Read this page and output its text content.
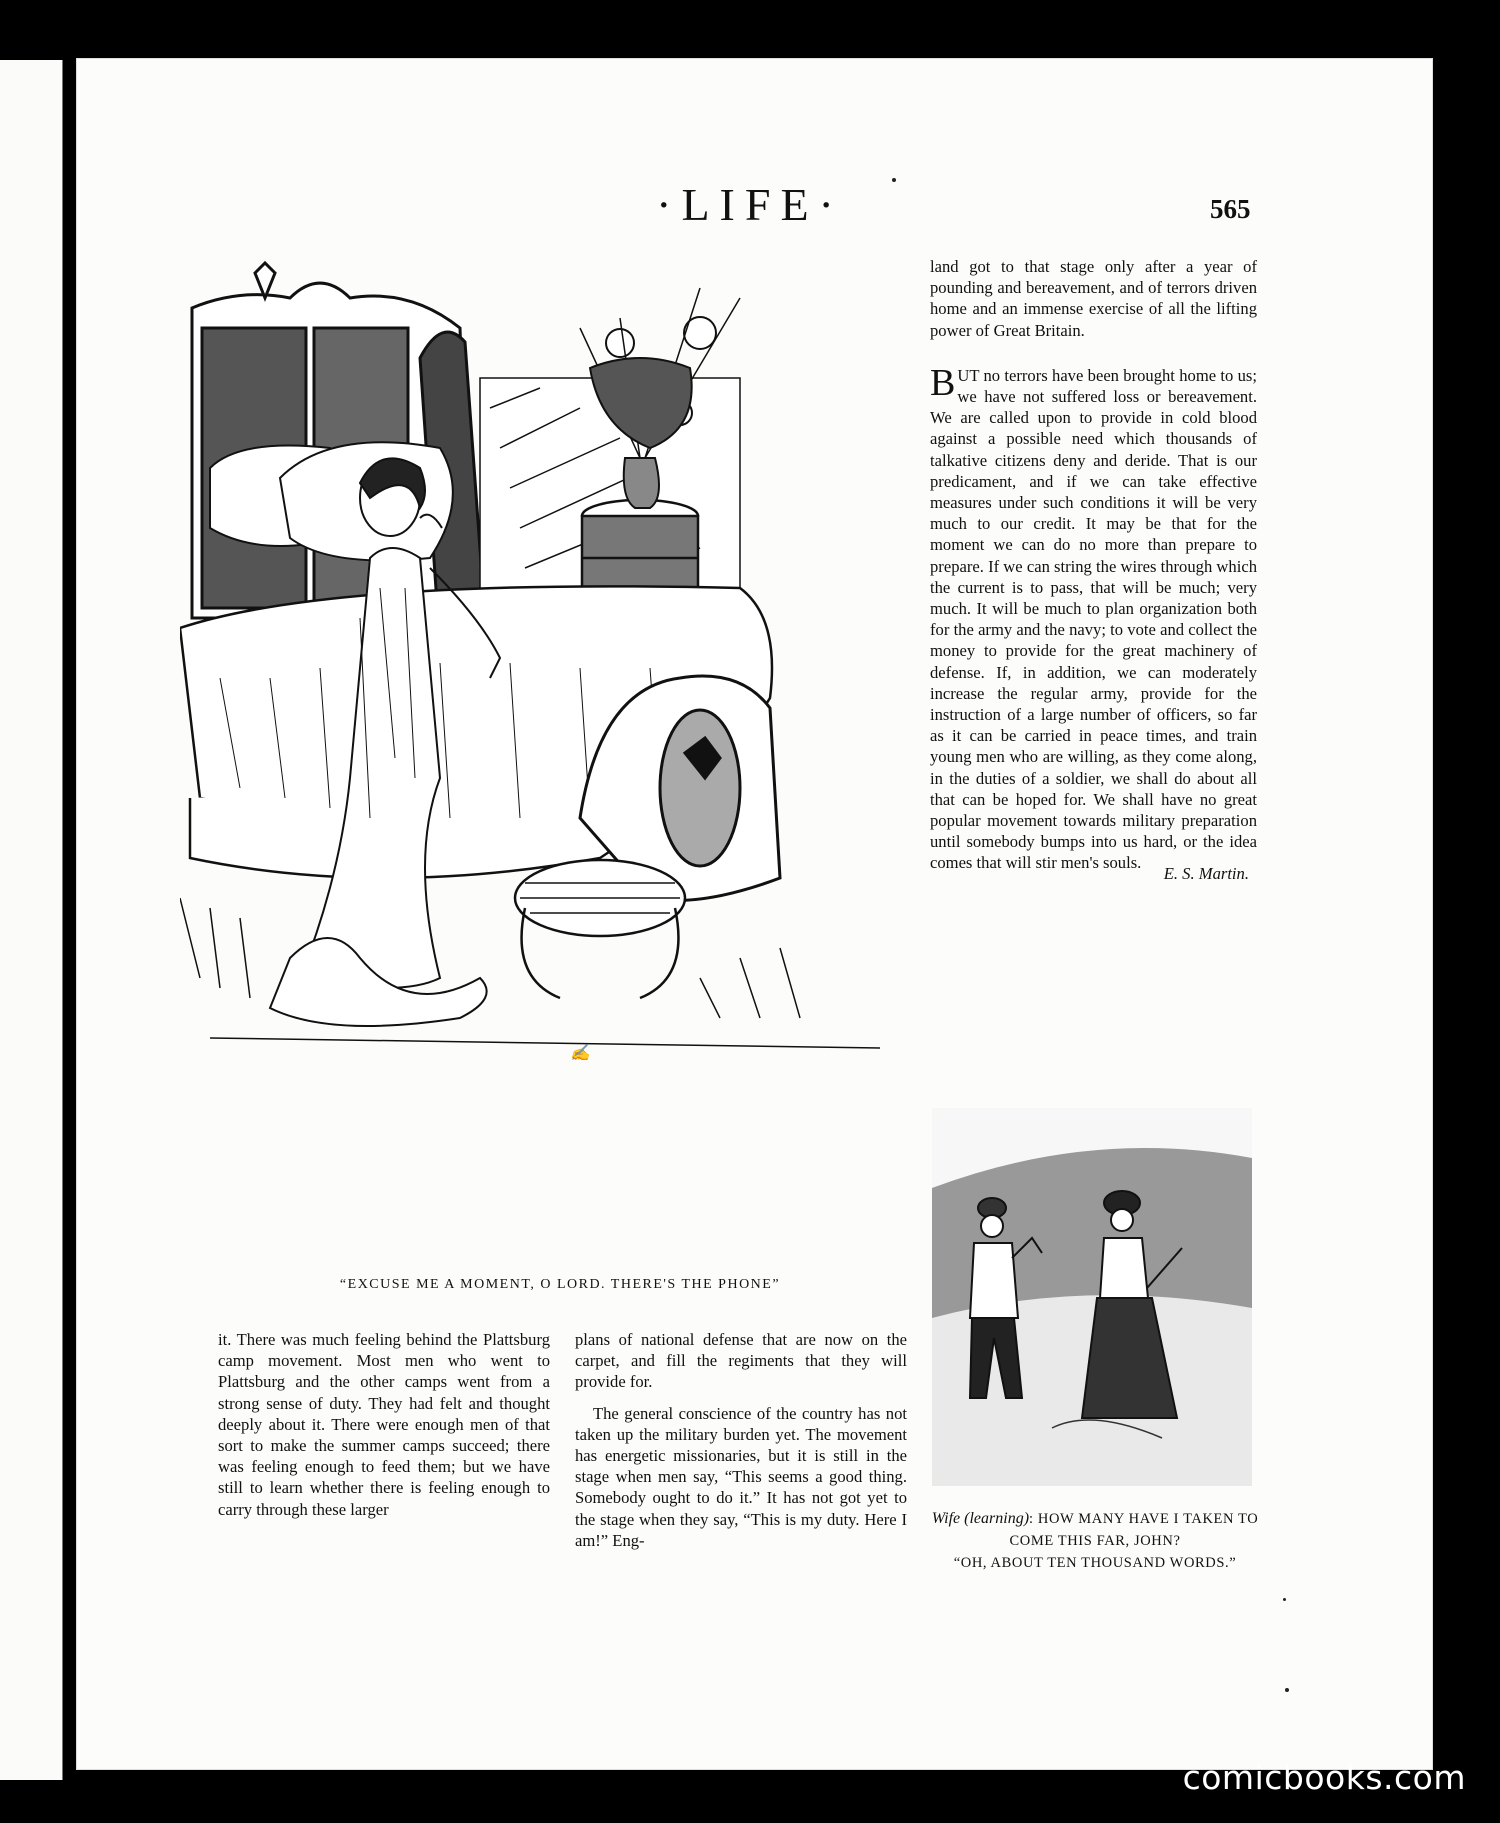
·LIFE·	565
✍
“EXCUSE ME A MOMENT, O LORD. THERE'S THE PHONE”

land got to that stage only after a year of pounding and bereavement, and of terrors driven home and an immense exercise of all the lifting power of Great Britain.

BUT no terrors have been brought home to us; we have not suffered loss or bereavement. We are called upon to provide in cold blood against a possible need which thousands of talkative citizens deny and deride. That is our predicament, and if we can take effective measures under such conditions it will be very much to our credit. It may be that for the moment we can do no more than prepare to prepare. If we can string the wires through which the current is to pass, that will be much; very much. It will be much to plan organization both for the army and the navy; to vote and collect the money to provide for the great machinery of defense. If, in addition, we can moderately increase the regular army, provide for the instruction of a large number of officers, so far as it can be carried in peace times, and train young men who are willing, as they come along, in the duties of a soldier, we shall do about all that can be hoped for. We shall have no great popular movement towards military preparation until somebody bumps into us hard, or the idea comes that will stir men's souls.

E. S. Martin.

it. There was much feeling behind the Plattsburg camp movement. Most men who went to Plattsburg and the other camps went from a strong sense of duty. They had felt and thought deeply about it. There were enough men of that sort to make the summer camps succeed; there was feeling enough to feed them; but we have still to learn whether there is feeling enough to carry through these larger

plans of national defense that are now on the carpet, and fill the regiments that they will provide for.

The general conscience of the country has not taken up the military burden yet. The movement has energetic missionaries, but it is still in the stage when men say, “This seems a good thing. Somebody ought to do it.” It has not got yet to the stage when they say, “This is my duty. Here I am!” Eng-

Wife (learning): HOW MANY HAVE I TAKEN TO COME THIS FAR, JOHN?
“OH, ABOUT TEN THOUSAND WORDS.”
comicbooks.com
